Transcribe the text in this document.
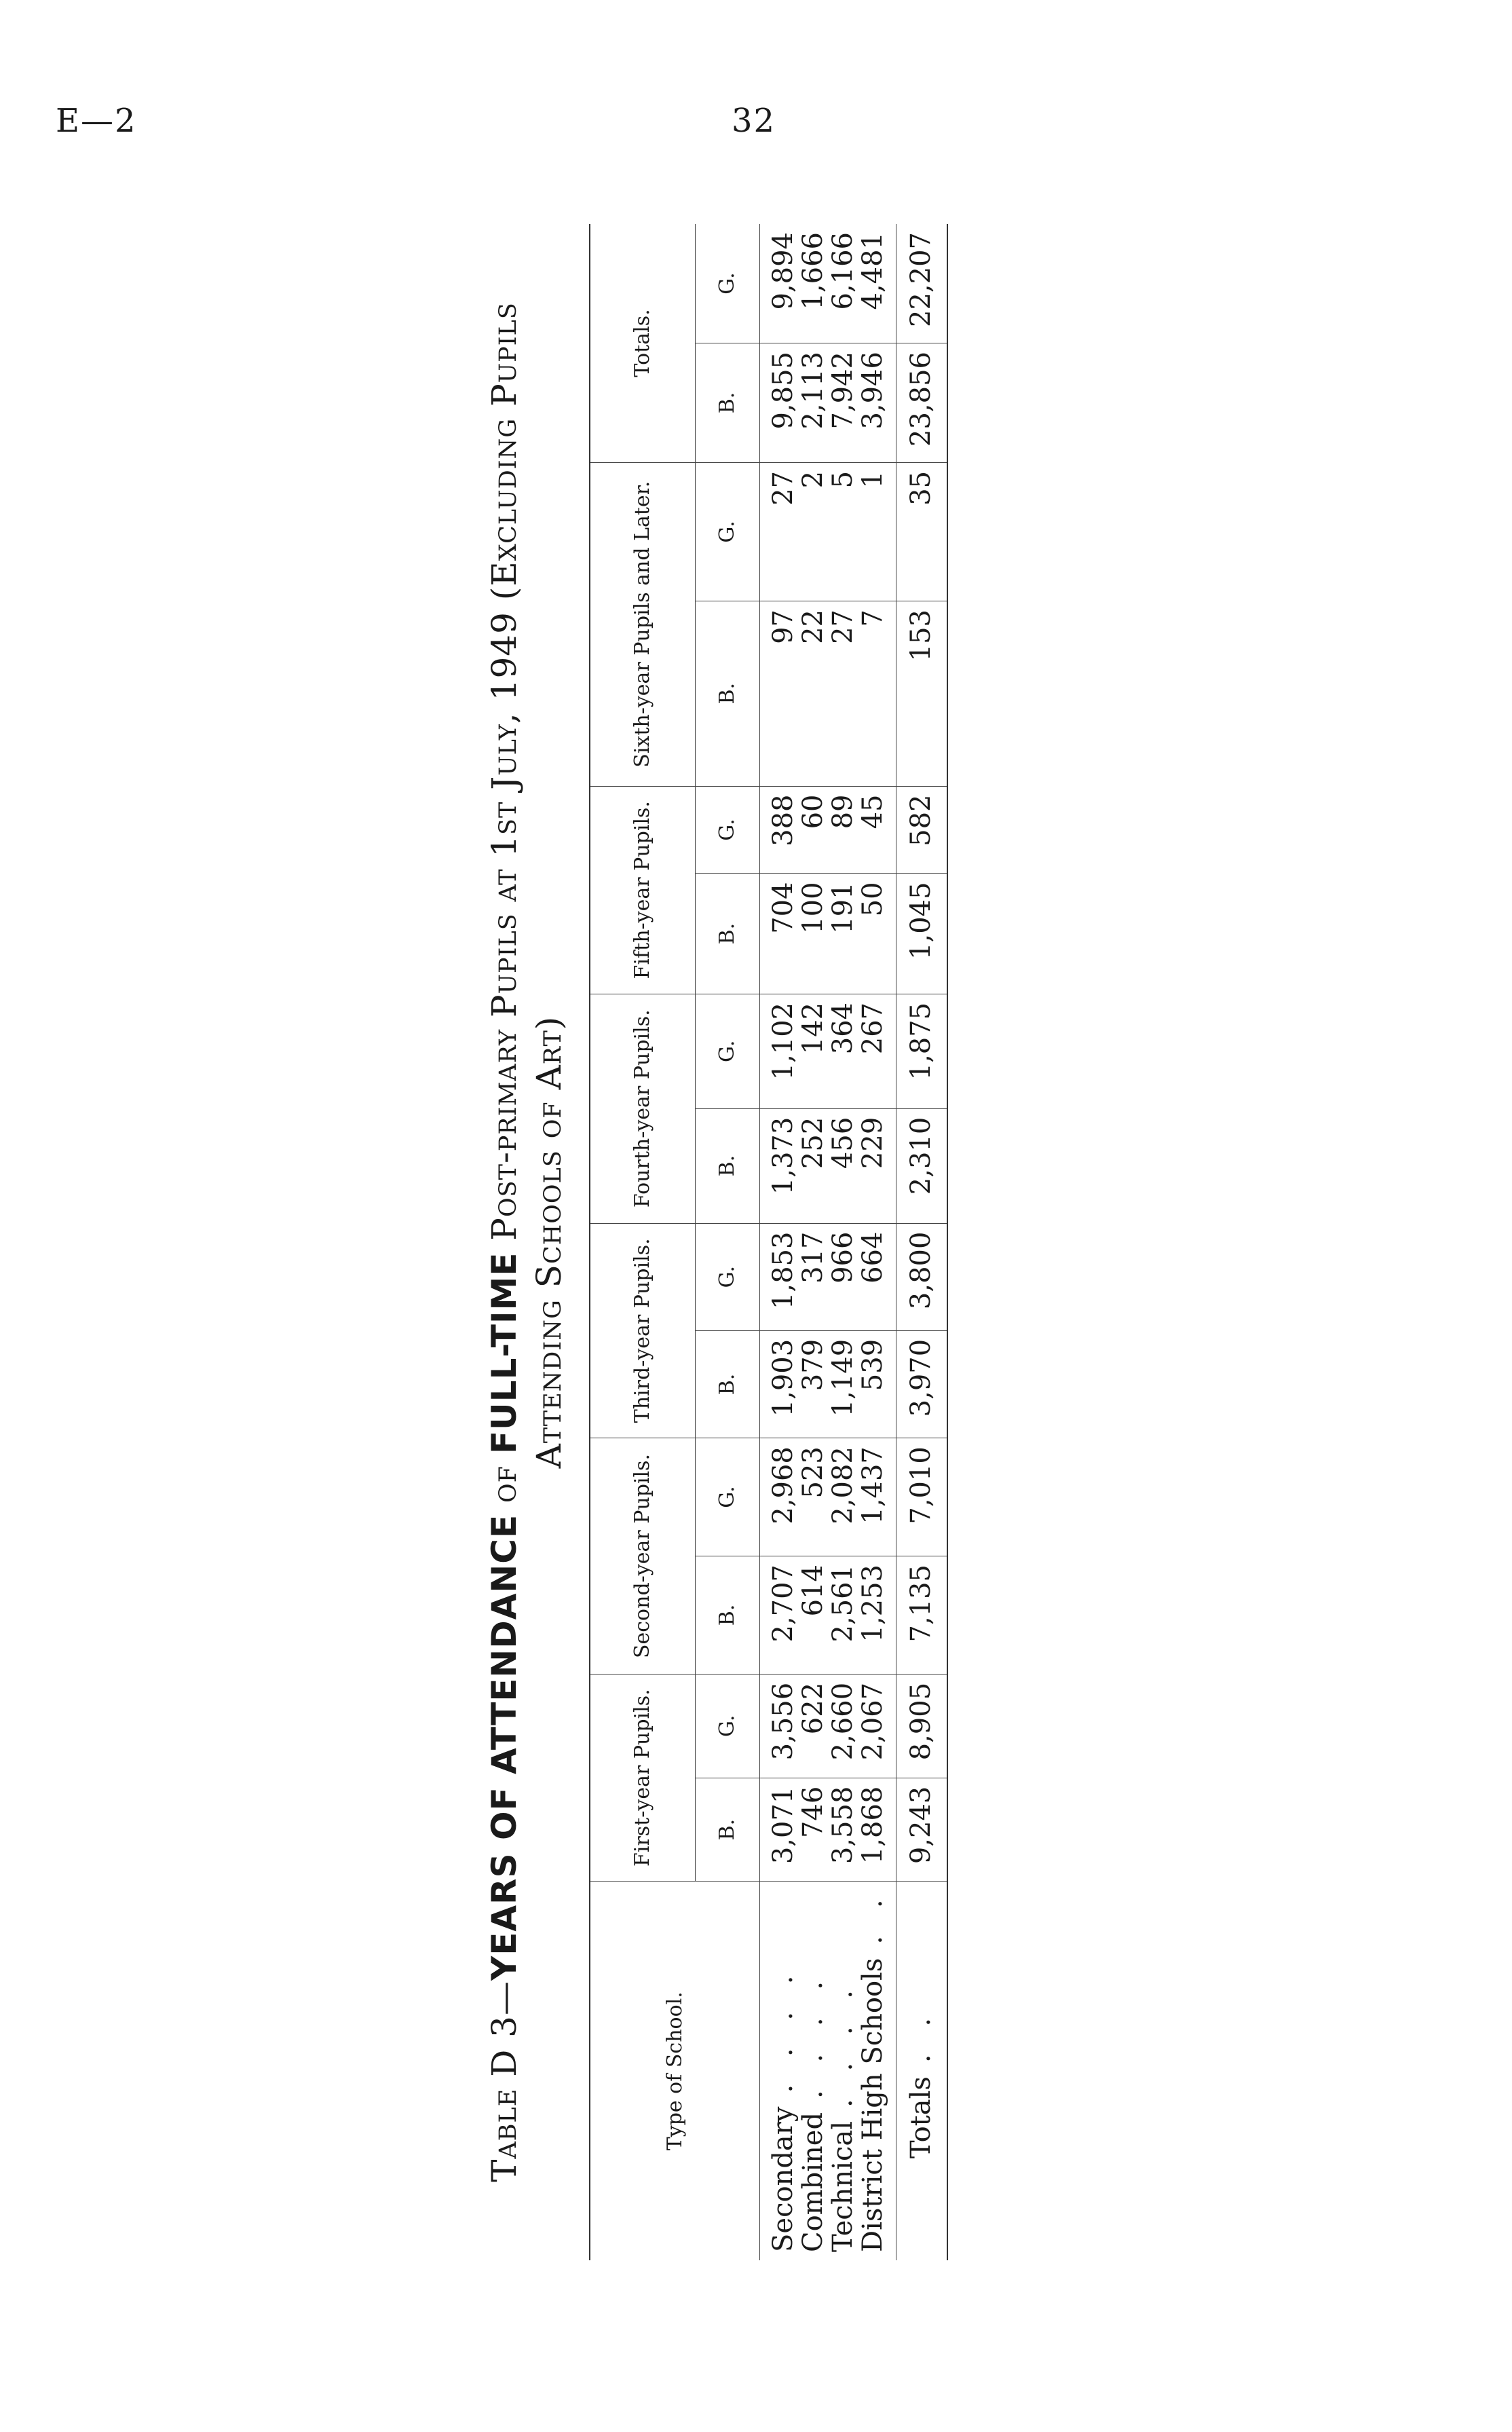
E—2	32
Table D 3—YEARS OF ATTENDANCE of FULL-TIME Post-primary Pupils at 1st July, 1949 (Excluding Pupils Attending Schools of Art)
Type of School.	First-year Pupils.		Second-year Pupils.		Third-year Pupils.		Fourth-year Pupils.		Fifth-year Pupils.		Sixth-year Pupils and Later.		Totals.	
	B.	G.	B.	G.	B.	G.	B.	G.	B.	G.	B.	G.	B.	G.
Secondary. . . .	3,071	3,556	2,707	2,968	1,903	1,853	1,373	1,102	704	388	97	27	9,855	9,894
Combined. . . .	746	622	614	523	379	317	252	142	100	60	22	2	2,113	1,666
Technical. . . .	3,558	2,660	2,561	2,082	1,149	966	456	364	191	89	27	5	7,942	6,166
District High Schools. .	1,868	2,067	1,253	1,437	539	664	229	267	50	45	7	1	3,946	4,481
Totals. .	9,243	8,905	7,135	7,010	3,970	3,800	2,310	1,875	1,045	582	153	35	23,856	22,207
